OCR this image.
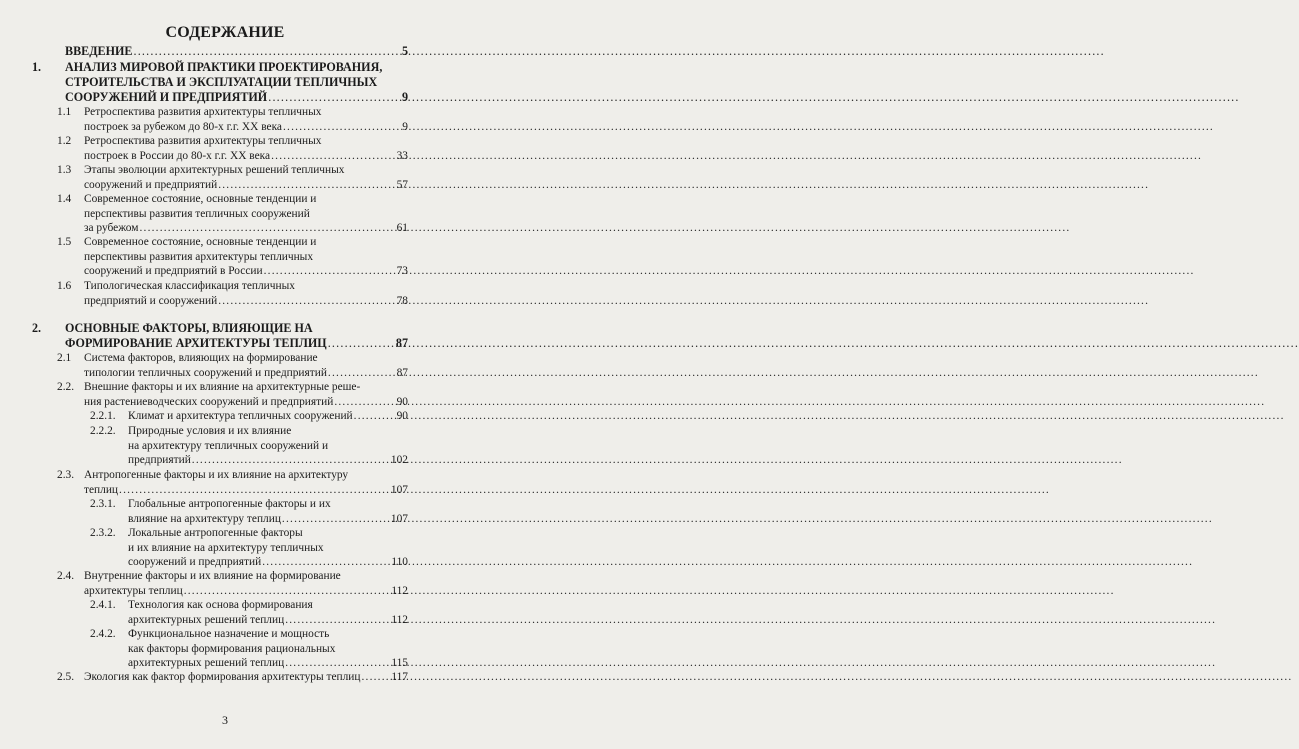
СОДЕРЖАНИЕ
ВВЕДЕНИЕ .....	5
1. АНАЛИЗ МИРОВОЙ ПРАКТИКИ ПРОЕКТИРОВАНИЯ,
СТРОИТЕЛЬСТВА И ЭКСПЛУАТАЦИИ ТЕПЛИЧНЫХ
СООРУЖЕНИЙ И ПРЕДПРИЯТИЙ .....	9
1.1 Ретроспектива развития архитектуры тепличных
построек за рубежом до 80-х г.г. XX века .....	9
1.2 Ретроспектива развития архитектуры тепличных
построек в России до 80-х г.г. XX века .....	33
1.3 Этапы эволюции архитектурных решений тепличных
сооружений и предприятий .....	57
1.4 Современное состояние, основные тенденции и
перспективы развития тепличных сооружений
за рубежом .....	61
1.5 Современное состояние, основные тенденции и
перспективы развития архитектуры тепличных
сооружений и предприятий в России .....	73
1.6 Типологическая классификация тепличных
предприятий и сооружений .....	78
2. ОСНОВНЫЕ ФАКТОРЫ, ВЛИЯЮЩИЕ НА
ФОРМИРОВАНИЕ АРХИТЕКТУРЫ ТЕПЛИЦ .....	87
2.1 Система факторов, влияющих на формирование
типологии тепличных сооружений и предприятий .....	87
2.2. Внешние факторы и их влияние на архитектурные реше-
ния растениеводческих сооружений и предприятий .....	90
2.2.1. Климат и архитектура тепличных сооружений .....	90
2.2.2. Природные условия и их влияние
на архитектуру тепличных сооружений и
предприятий .....	102
2.3. Антропогенные факторы и их влияние на архитектуру
теплиц .....	107
2.3.1. Глобальные антропогенные факторы и их
влияние на архитектуру теплиц .....	107
2.3.2. Локальные антропогенные факторы
и их влияние на архитектуру тепличных
сооружений и предприятий .....	110
2.4. Внутренние факторы и их влияние на формирование
архитектуры теплиц .....	112
2.4.1. Технология как основа формирования
архитектурных решений теплиц .....	112
2.4.2. Функциональное назначение и мощность
как факторы формирования рациональных
архитектурных решений теплиц .....	115
2.5. Экология как фактор формирования архитектуры теплиц .....	117
3
